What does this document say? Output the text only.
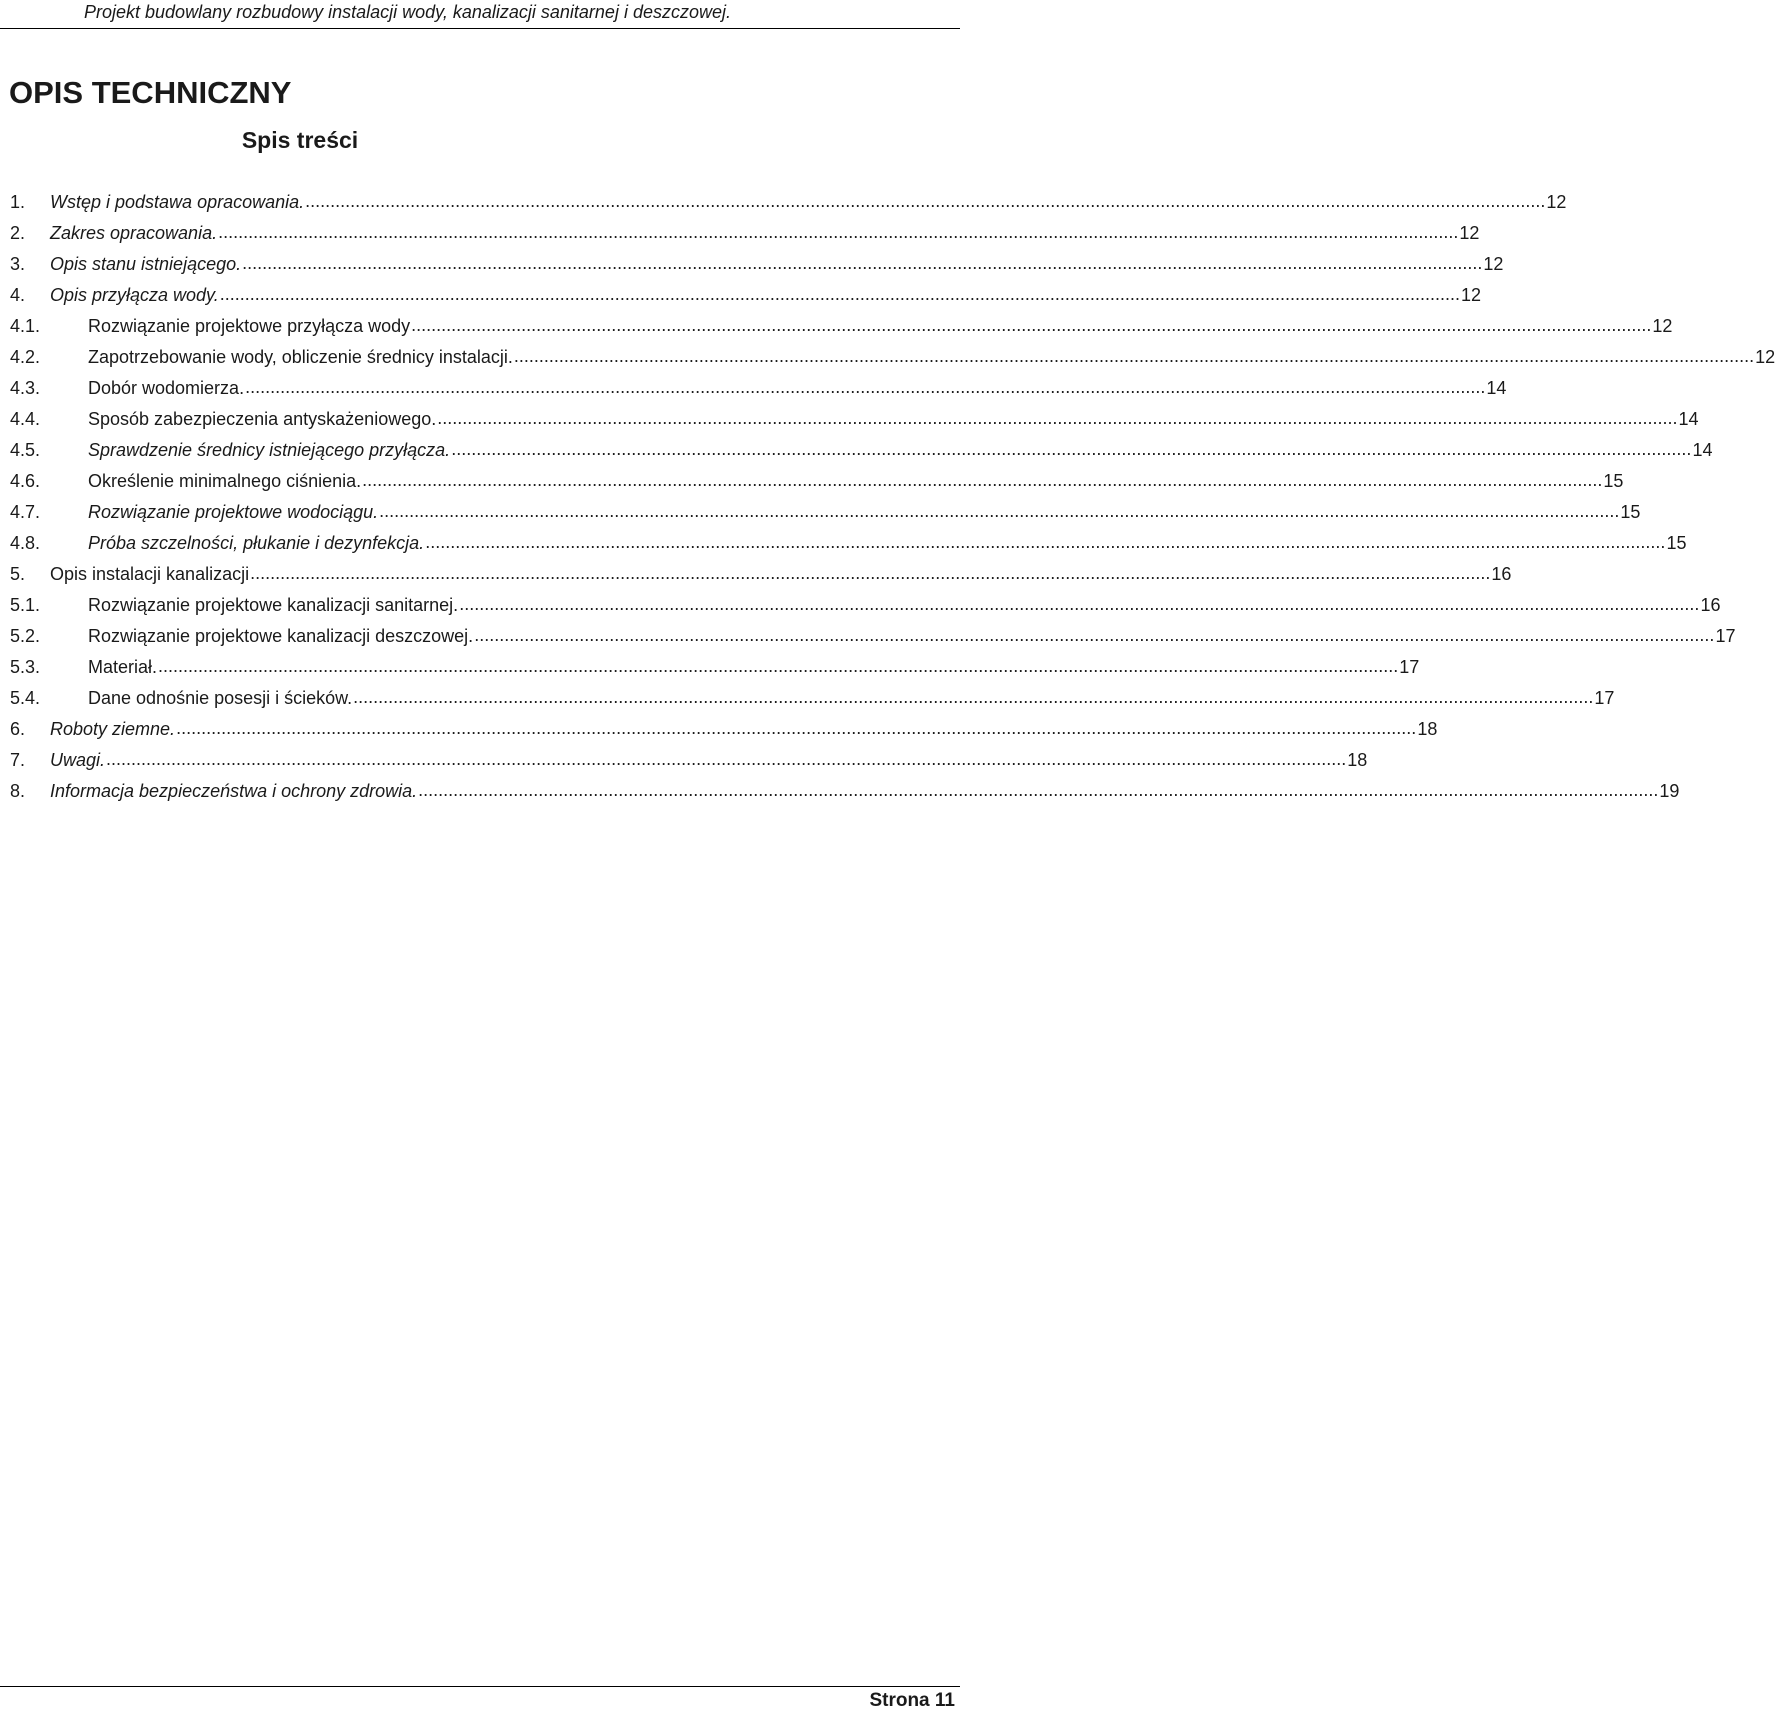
Projekt budowlany rozbudowy instalacji wody, kanalizacji sanitarnej i deszczowej.
OPIS TECHNICZNY
Spis treści
1.	Wstęp i podstawa opracowania. .....	12
2.	Zakres opracowania. .....	12
3.	Opis stanu istniejącego. .....	12
4.	Opis przyłącza wody. .....	12
4.1.	Rozwiązanie projektowe przyłącza wody .....	12
4.2.	Zapotrzebowanie wody, obliczenie średnicy instalacji. .....	12
4.3.	Dobór wodomierza. .....	14
4.4.	Sposób zabezpieczenia antyskażeniowego. .....	14
4.5.	Sprawdzenie średnicy istniejącego przyłącza. .....	14
4.6.	Określenie minimalnego ciśnienia. .....	15
4.7.	Rozwiązanie projektowe wodociągu. .....	15
4.8.	Próba szczelności, płukanie i dezynfekcja. .....	15
5.	Opis instalacji kanalizacji .....	16
5.1.	Rozwiązanie projektowe kanalizacji sanitarnej. .....	16
5.2.	Rozwiązanie projektowe kanalizacji deszczowej. .....	17
5.3.	Materiał. .....	17
5.4.	Dane odnośnie posesji i ścieków. .....	17
6.	Roboty ziemne. .....	18
7.	Uwagi. .....	18
8.	Informacja bezpieczeństwa i ochrony zdrowia. .....	19
Strona 11
